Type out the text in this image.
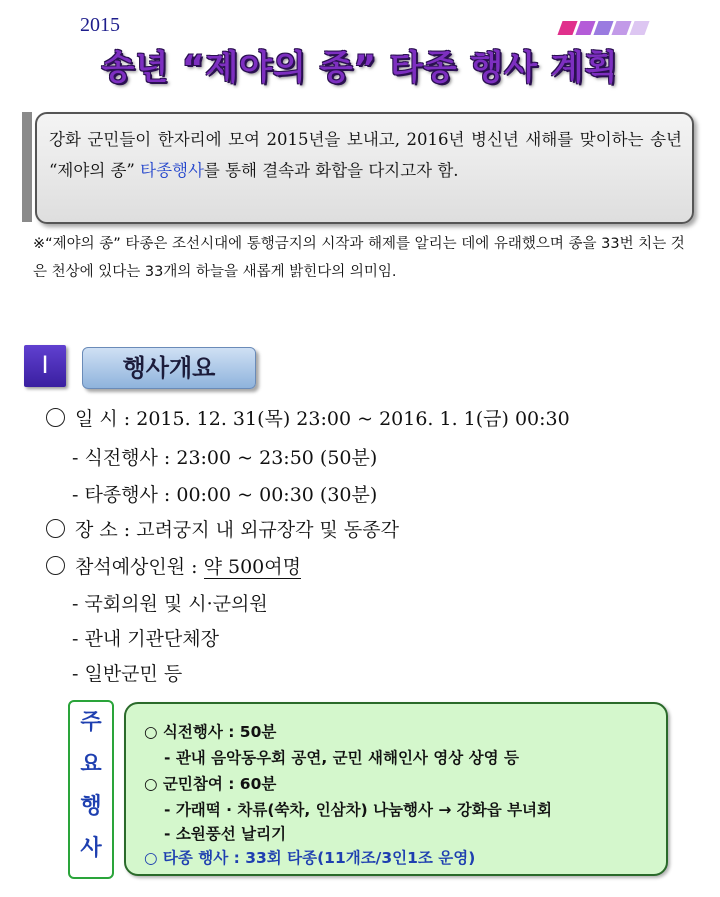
2015
송년 “제야의 종” 타종 행사 계획
강화 군민들이 한자리에 모여 2015년을 보내고, 2016년 병신년 새해를 맞이하는 송년 “제야의 종” 타종행사를 통해 결속과 화합을 다지고자 함.
※“제야의 종” 타종은 조선시대에 통행금지의 시작과 해제를 알리는 데에 유래했으며 종을 33번 치는 것은 천상에 있다는 33개의 하늘을 새롭게 밝힌다의 의미임.
Ⅰ	행사개요
일 시 : 2015. 12. 31(목) 23:00 ~ 2016. 1. 1(금) 00:30
- 식전행사 : 23:00 ~ 23:50 (50분)
- 타종행사 : 00:00 ~ 00:30 (30분)
장 소 : 고려궁지 내 외규장각 및 동종각
참석예상인원 : 약 500여명
- 국회의원 및 시·군의원
- 관내 기관단체장
- 일반군민 등
주
요
행
사
○ 식전행사 : 50분
- 관내 음악동우회 공연, 군민 새해인사 영상 상영 등
○ 군민참여 : 60분
- 가래떡 · 차류(쑥차, 인삼차) 나눔행사 → 강화읍 부녀회
- 소원풍선 날리기
○ 타종 행사 : 33회 타종(11개조/3인1조 운영)
